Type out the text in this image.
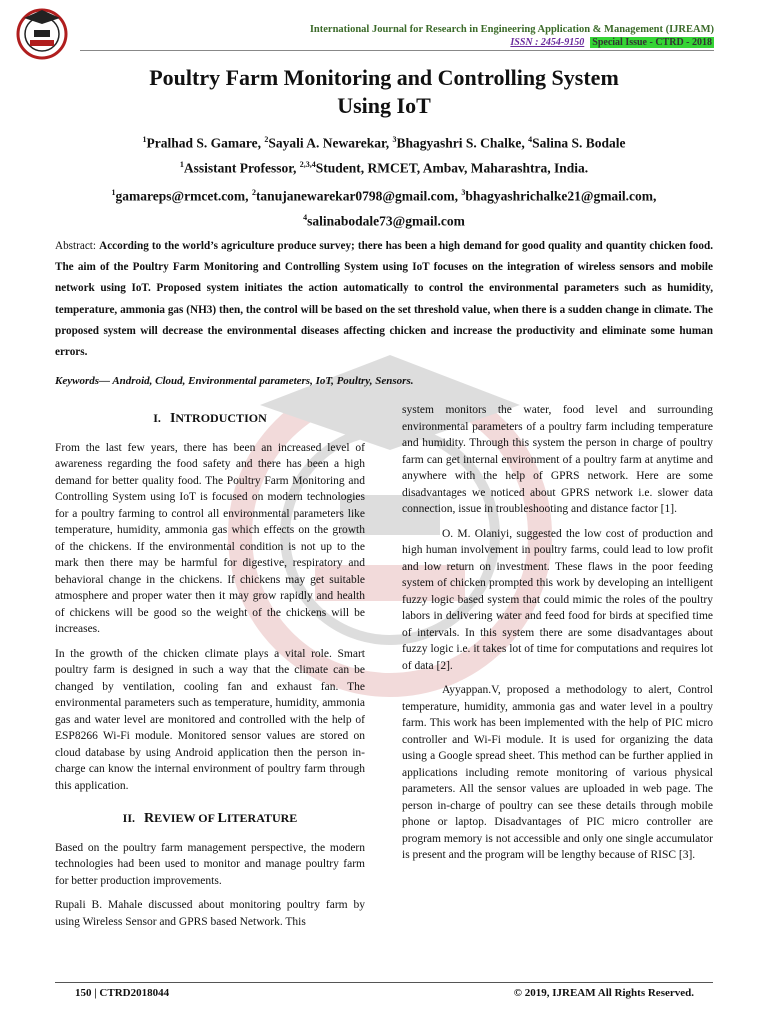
International Journal for Research in Engineering Application & Management (IJREAM)
ISSN : 2454-9150 Special Issue - CTRD - 2018
Poultry Farm Monitoring and Controlling System
Using IoT
$^1$Pralhad S. Gamare, $^2$Sayali A. Newarekar, $^3$Bhagyashri S. Chalke, $^4$Salina S. Bodale
$^1$Assistant Professor, $^{2,3,4}$Student, RMCET, Ambav, Maharashtra, India.
$^1$gamareps@rmcet.com, $^2$tanujanewarekar0798@gmail.com, $^3$bhagyashrichalke21@gmail.com,
$^4$salinabodale73@gmail.com
Abstract: According to the world’s agriculture produce survey; there has been a high demand for good quality and quantity chicken food. The aim of the Poultry Farm Monitoring and Controlling System using IoT focuses on the integration of wireless sensors and mobile network using IoT. Proposed system initiates the action automatically to control the environmental parameters such as humidity, temperature, ammonia gas (NH3) then, the control will be based on the set threshold value, when there is a sudden change in climate. The proposed system will decrease the environmental diseases affecting chicken and increase the productivity and eliminate some human errors.
Keywords— Android, Cloud, Environmental parameters, IoT, Poultry, Sensors.
I. INTRODUCTION

From the last few years, there has been an increased level of awareness regarding the food safety and there has been a high demand for better quality food. The Poultry Farm Monitoring and Controlling System using IoT is focused on modern technologies for a poultry farming to control all environmental parameters like temperature, humidity, ammonia gas which effects on the growth of the chickens. If the environmental condition is not up to the mark then there may be harmful for digestive, respiratory and behavioral change in the chickens. If chickens may get suitable atmosphere and proper water then it may grow rapidly and health of chickens will be good so the weight of the chickens will be increases.

In the growth of the chicken climate plays a vital role. Smart poultry farm is designed in such a way that the climate can be changed by ventilation, cooling fan and exhaust fan. The environmental parameters such as temperature, humidity, ammonia gas and water level are monitored and controlled with the help of ESP8266 Wi-Fi module. Monitored sensor values are stored on cloud database by using Android application then the person in-charge can know the internal environment of poultry farm through this application.

II. REVIEW OF LITERATURE

Based on the poultry farm management perspective, the modern technologies had been used to monitor and manage poultry farm for better production improvements.

Rupali B. Mahale discussed about monitoring poultry farm by using Wireless Sensor and GPRS based Network. This

system monitors the water, food level and surrounding environmental parameters of a poultry farm including temperature and humidity. Through this system the person in charge of poultry farm can get internal environment of a poultry farm at anytime and anywhere with the help of GPRS network. Here are some disadvantages we noticed about GPRS network i.e. slower data connection, issue in troubleshooting and distance factor [1].

O. M. Olaniyi, suggested the low cost of production and high human involvement in poultry farms, could lead to low profit and low return on investment. These flaws in the poor feeding system of chicken prompted this work by developing an intelligent fuzzy logic based system that could mimic the roles of the poultry labors in delivering water and feed food for birds at specified time of intervals. In this system there are some disadvantages about fuzzy logic i.e. it takes lot of time for computations and requires lot of data [2].

Ayyappan.V, proposed a methodology to alert, Control temperature, humidity, ammonia gas and water level in a poultry farm. This work has been implemented with the help of PIC micro controller and Wi-Fi module. It is used for organizing the data using a Google spread sheet. This method can be further applied in applications including remote monitoring of various physical parameters. All the sensor values are uploaded in web page. The person in-charge of poultry can see these details through mobile phone or laptop. Disadvantages of PIC micro controller are program memory is not accessible and only one single accumulator is present and the program will be lengthy because of RISC [3].

150 | CTRD2018044	© 2019, IJREAM All Rights Reserved.
